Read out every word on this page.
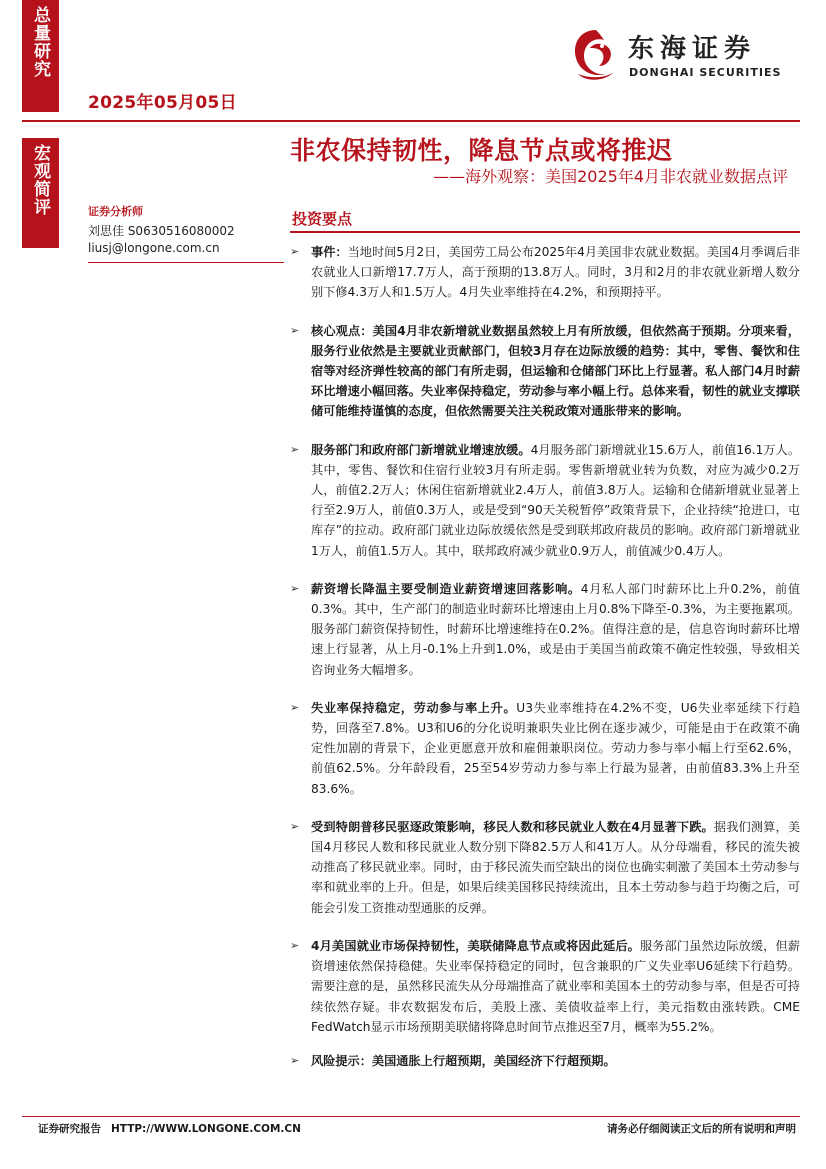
总量研究
宏观简评
2025年05月05日
东海证券
DONGHAI SECURITIES
非农保持韧性，降息节点或将推迟
——海外观察：美国2025年4月非农就业数据点评
证券分析师
刘思佳 S0630516080002
liusj@longone.com.cn
投资要点
➢ 事件：当地时间5月2日，美国劳工局公布2025年4月美国非农就业数据。美国4月季调后非农就业人口新增17.7万人，高于预期的13.8万人。同时，3月和2月的非农就业新增人数分别下修4.3万人和1.5万人。4月失业率维持在4.2%，和预期持平。
➢ 核心观点：美国4月非农新增就业数据虽然较上月有所放缓，但依然高于预期。分项来看，服务行业依然是主要就业贡献部门，但较3月存在边际放缓的趋势：其中，零售、餐饮和住宿等对经济弹性较高的部门有所走弱，但运输和仓储部门环比上行显著。私人部门4月时薪环比增速小幅回落。失业率保持稳定，劳动参与率小幅上行。总体来看，韧性的就业支撑联储可能维持谨慎的态度，但依然需要关注关税政策对通胀带来的影响。
➢ 服务部门和政府部门新增就业增速放缓。4月服务部门新增就业15.6万人，前值16.1万人。其中，零售、餐饮和住宿行业较3月有所走弱。零售新增就业转为负数，对应为减少0.2万人，前值2.2万人；休闲住宿新增就业2.4万人，前值3.8万人。运输和仓储新增就业显著上行至2.9万人，前值0.3万人，或是受到“90天关税暂停”政策背景下，企业持续“抢进口，屯库存”的拉动。政府部门就业边际放缓依然是受到联邦政府裁员的影响。政府部门新增就业1万人，前值1.5万人。其中，联邦政府减少就业0.9万人，前值减少0.4万人。
➢ 薪资增长降温主要受制造业薪资增速回落影响。4月私人部门时薪环比上升0.2%，前值0.3%。其中，生产部门的制造业时薪环比增速由上月0.8%下降至-0.3%，为主要拖累项。服务部门薪资保持韧性，时薪环比增速维持在0.2%。值得注意的是，信息咨询时薪环比增速上行显著，从上月-0.1%上升到1.0%，或是由于美国当前政策不确定性较强，导致相关咨询业务大幅增多。
➢ 失业率保持稳定，劳动参与率上升。U3失业率维持在4.2%不变，U6失业率延续下行趋势，回落至7.8%。U3和U6的分化说明兼职失业比例在逐步减少，可能是由于在政策不确定性加剧的背景下，企业更愿意开放和雇佣兼职岗位。劳动力参与率小幅上行至62.6%，前值62.5%。分年龄段看，25至54岁劳动力参与率上行最为显著，由前值83.3%上升至83.6%。
➢ 受到特朗普移民驱逐政策影响，移民人数和移民就业人数在4月显著下跌。据我们测算，美国4月移民人数和移民就业人数分别下降82.5万人和41万人。从分母端看，移民的流失被动推高了移民就业率。同时，由于移民流失而空缺出的岗位也确实刺激了美国本土劳动参与率和就业率的上升。但是，如果后续美国移民持续流出，且本土劳动参与趋于均衡之后，可能会引发工资推动型通胀的反弹。
➢ 4月美国就业市场保持韧性，美联储降息节点或将因此延后。服务部门虽然边际放缓，但薪资增速依然保持稳健。失业率保持稳定的同时，包含兼职的广义失业率U6延续下行趋势。需要注意的是，虽然移民流失从分母端推高了就业率和美国本土的劳动参与率，但是否可持续依然存疑。非农数据发布后，美股上涨、美债收益率上行，美元指数由涨转跌。CME FedWatch显示市场预期美联储将降息时间节点推迟至7月，概率为55.2%。
➢ 风险提示：美国通胀上行超预期，美国经济下行超预期。
证券研究报告 HTTP://WWW.LONGONE.COM.CN	请务必仔细阅读正文后的所有说明和声明
